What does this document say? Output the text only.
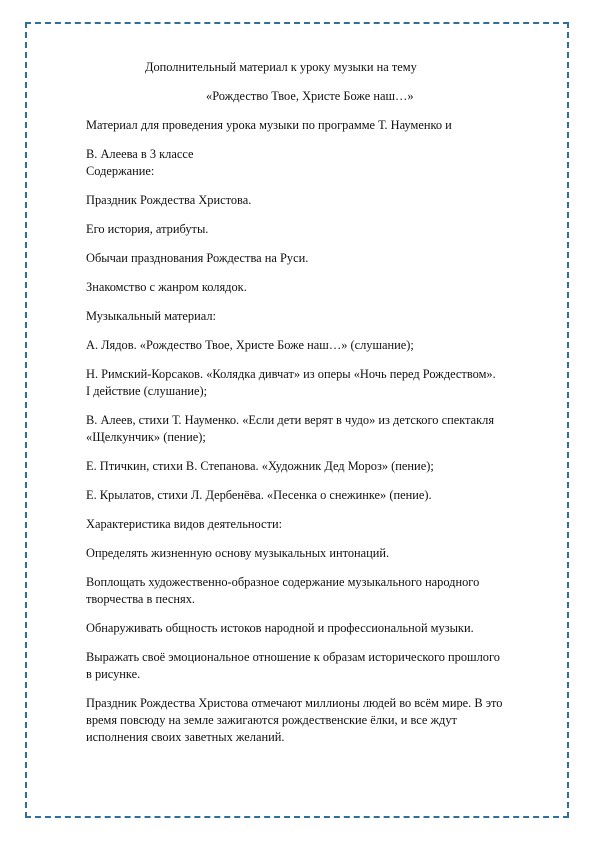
Дополнительный материал к уроку музыки на тему

«Рождество Твое, Христе Боже наш…»

Материал для проведения урока музыки по программе Т. Науменко и

В. Алеева в 3 классе

Содержание:

Праздник Рождества Христова.

Его история, атрибуты.

Обычаи празднования Рождества на Руси.

Знакомство с жанром колядок.

Музыкальный материал:

А. Лядов. «Рождество Твое, Христе Боже наш…» (слушание);

Н. Римский-Корсаков. «Колядка дивчат» из оперы «Ночь перед Рождеством».
I действие (слушание);

В. Алеев, стихи Т. Науменко. «Если дети верят в чудо» из детского спектакля
«Щелкунчик» (пение);

Е. Птичкин, стихи В. Степанова. «Художник Дед Мороз» (пение);

Е. Крылатов, стихи Л. Дербенёва. «Песенка о снежинке» (пение).

Характеристика видов деятельности:

Определять жизненную основу музыкальных интонаций.

Воплощать художественно-образное содержание музыкального народного
творчества в песнях.

Обнаруживать общность истоков народной и профессиональной музыки.

Выражать своё эмоциональное отношение к образам исторического прошлого
в рисунке.

Праздник Рождества Христова отмечают миллионы людей во всём мире. В это
время повсюду на земле зажигаются рождественские ёлки, и все ждут
исполнения своих заветных желаний.
